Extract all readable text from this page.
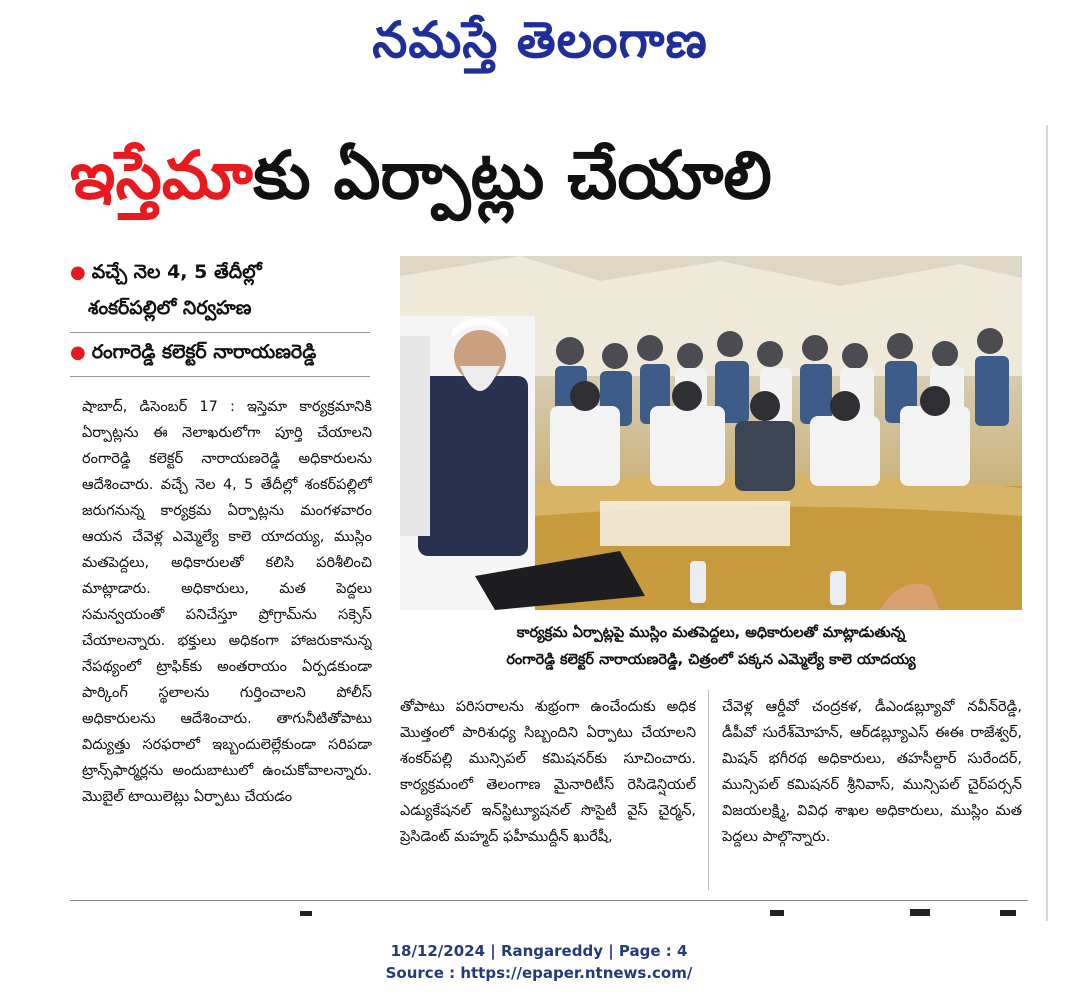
నమస్తే తెలంగాణ
ఇస్తేమాకు ఏర్పాట్లు చేయాలి
● వచ్చే నెల 4, 5 తేదీల్లో
శంకర్‌పల్లిలో నిర్వహణ
● రంగారెడ్డి కలెక్టర్ నారాయణరెడ్డి

షాబాద్, డిసెంబర్ 17 : ఇస్తెమా కార్యక్రమానికి ఏర్పాట్లను ఈ నెలాఖరులోగా పూర్తి చేయాలని రంగారెడ్డి కలెక్టర్ నారాయణరెడ్డి అధికారులను ఆదేశించారు. వచ్చే నెల 4, 5 తేదీల్లో శంకర్‌పల్లిలో జరుగనున్న కార్యక్రమ ఏర్పాట్లను మంగళవారం ఆయన చేవెళ్ల ఎమ్మెల్యే కాలె యాదయ్య, ముస్లిం మతపెద్దలు, అధికారులతో కలిసి పరిశీలించి మాట్లాడారు. అధికారులు, మత పెద్దలు సమన్వయంతో పనిచేస్తూ ప్రోగ్రామ్‌ను సక్సెస్ చేయాలన్నారు. భక్తులు అధికంగా హాజరుకానున్న నేపథ్యంలో ట్రాఫిక్‌కు అంతరాయం ఏర్పడకుండా పార్కింగ్ స్థలాలను గుర్తించాలని పోలీస్ అధికారులను ఆదేశించారు. తాగునీటితోపాటు విద్యుత్తు సరఫరాలో ఇబ్బందులెల్లేకుండా సరిపడా ట్రాన్స్‌ఫార్మర్లను అందుబాటులో ఉంచుకోవాలన్నారు. మొబైల్ టాయిలెట్లు ఏర్పాటు చేయడం

కార్యక్రమ ఏర్పాట్లపై ముస్లిం మతపెద్దలు, అధికారులతో మాట్లాడుతున్న
రంగారెడ్డి కలెక్టర్ నారాయణరెడ్డి, చిత్రంలో పక్కన ఎమ్మెల్యే కాలె యాదయ్య

తోపాటు పరిసరాలను శుభ్రంగా ఉంచేందుకు అధిక మొత్తంలో పారిశుధ్య సిబ్బందిని ఏర్పాటు చేయాలని శంకర్‌పల్లి మున్సిపల్ కమిషనర్‌కు సూచించారు. కార్యక్రమంలో తెలంగాణ మైనారిటీస్ రెసిడెన్షియల్ ఎడ్యుకేషనల్ ఇన్‌స్టిట్యూషనల్ సొసైటీ వైస్ చైర్మన్, ప్రెసిడెంట్ మహ్మద్ ఫహీముద్దీన్ ఖురేషీ,

చేవెళ్ల ఆర్డీవో చంద్రకళ, డీఎండబ్ల్యూవో నవీన్‌రెడ్డి, డీపీవో సురేశ్‌మోహన్, ఆర్‌డబ్ల్యూఎస్ ఈఈ రాజేశ్వర్, మిషన్ భగీరథ అధికారులు, తహసీల్దార్ సురేందర్, మున్సిపల్ కమిషనర్ శ్రీనివాస్, మున్సిపల్ చైర్‌పర్సన్ విజయలక్ష్మి, వివిధ శాఖల అధికారులు, ముస్లిం మత పెద్దలు పాల్గొన్నారు.

18/12/2024 | Rangareddy | Page : 4
Source : https://epaper.ntnews.com/
